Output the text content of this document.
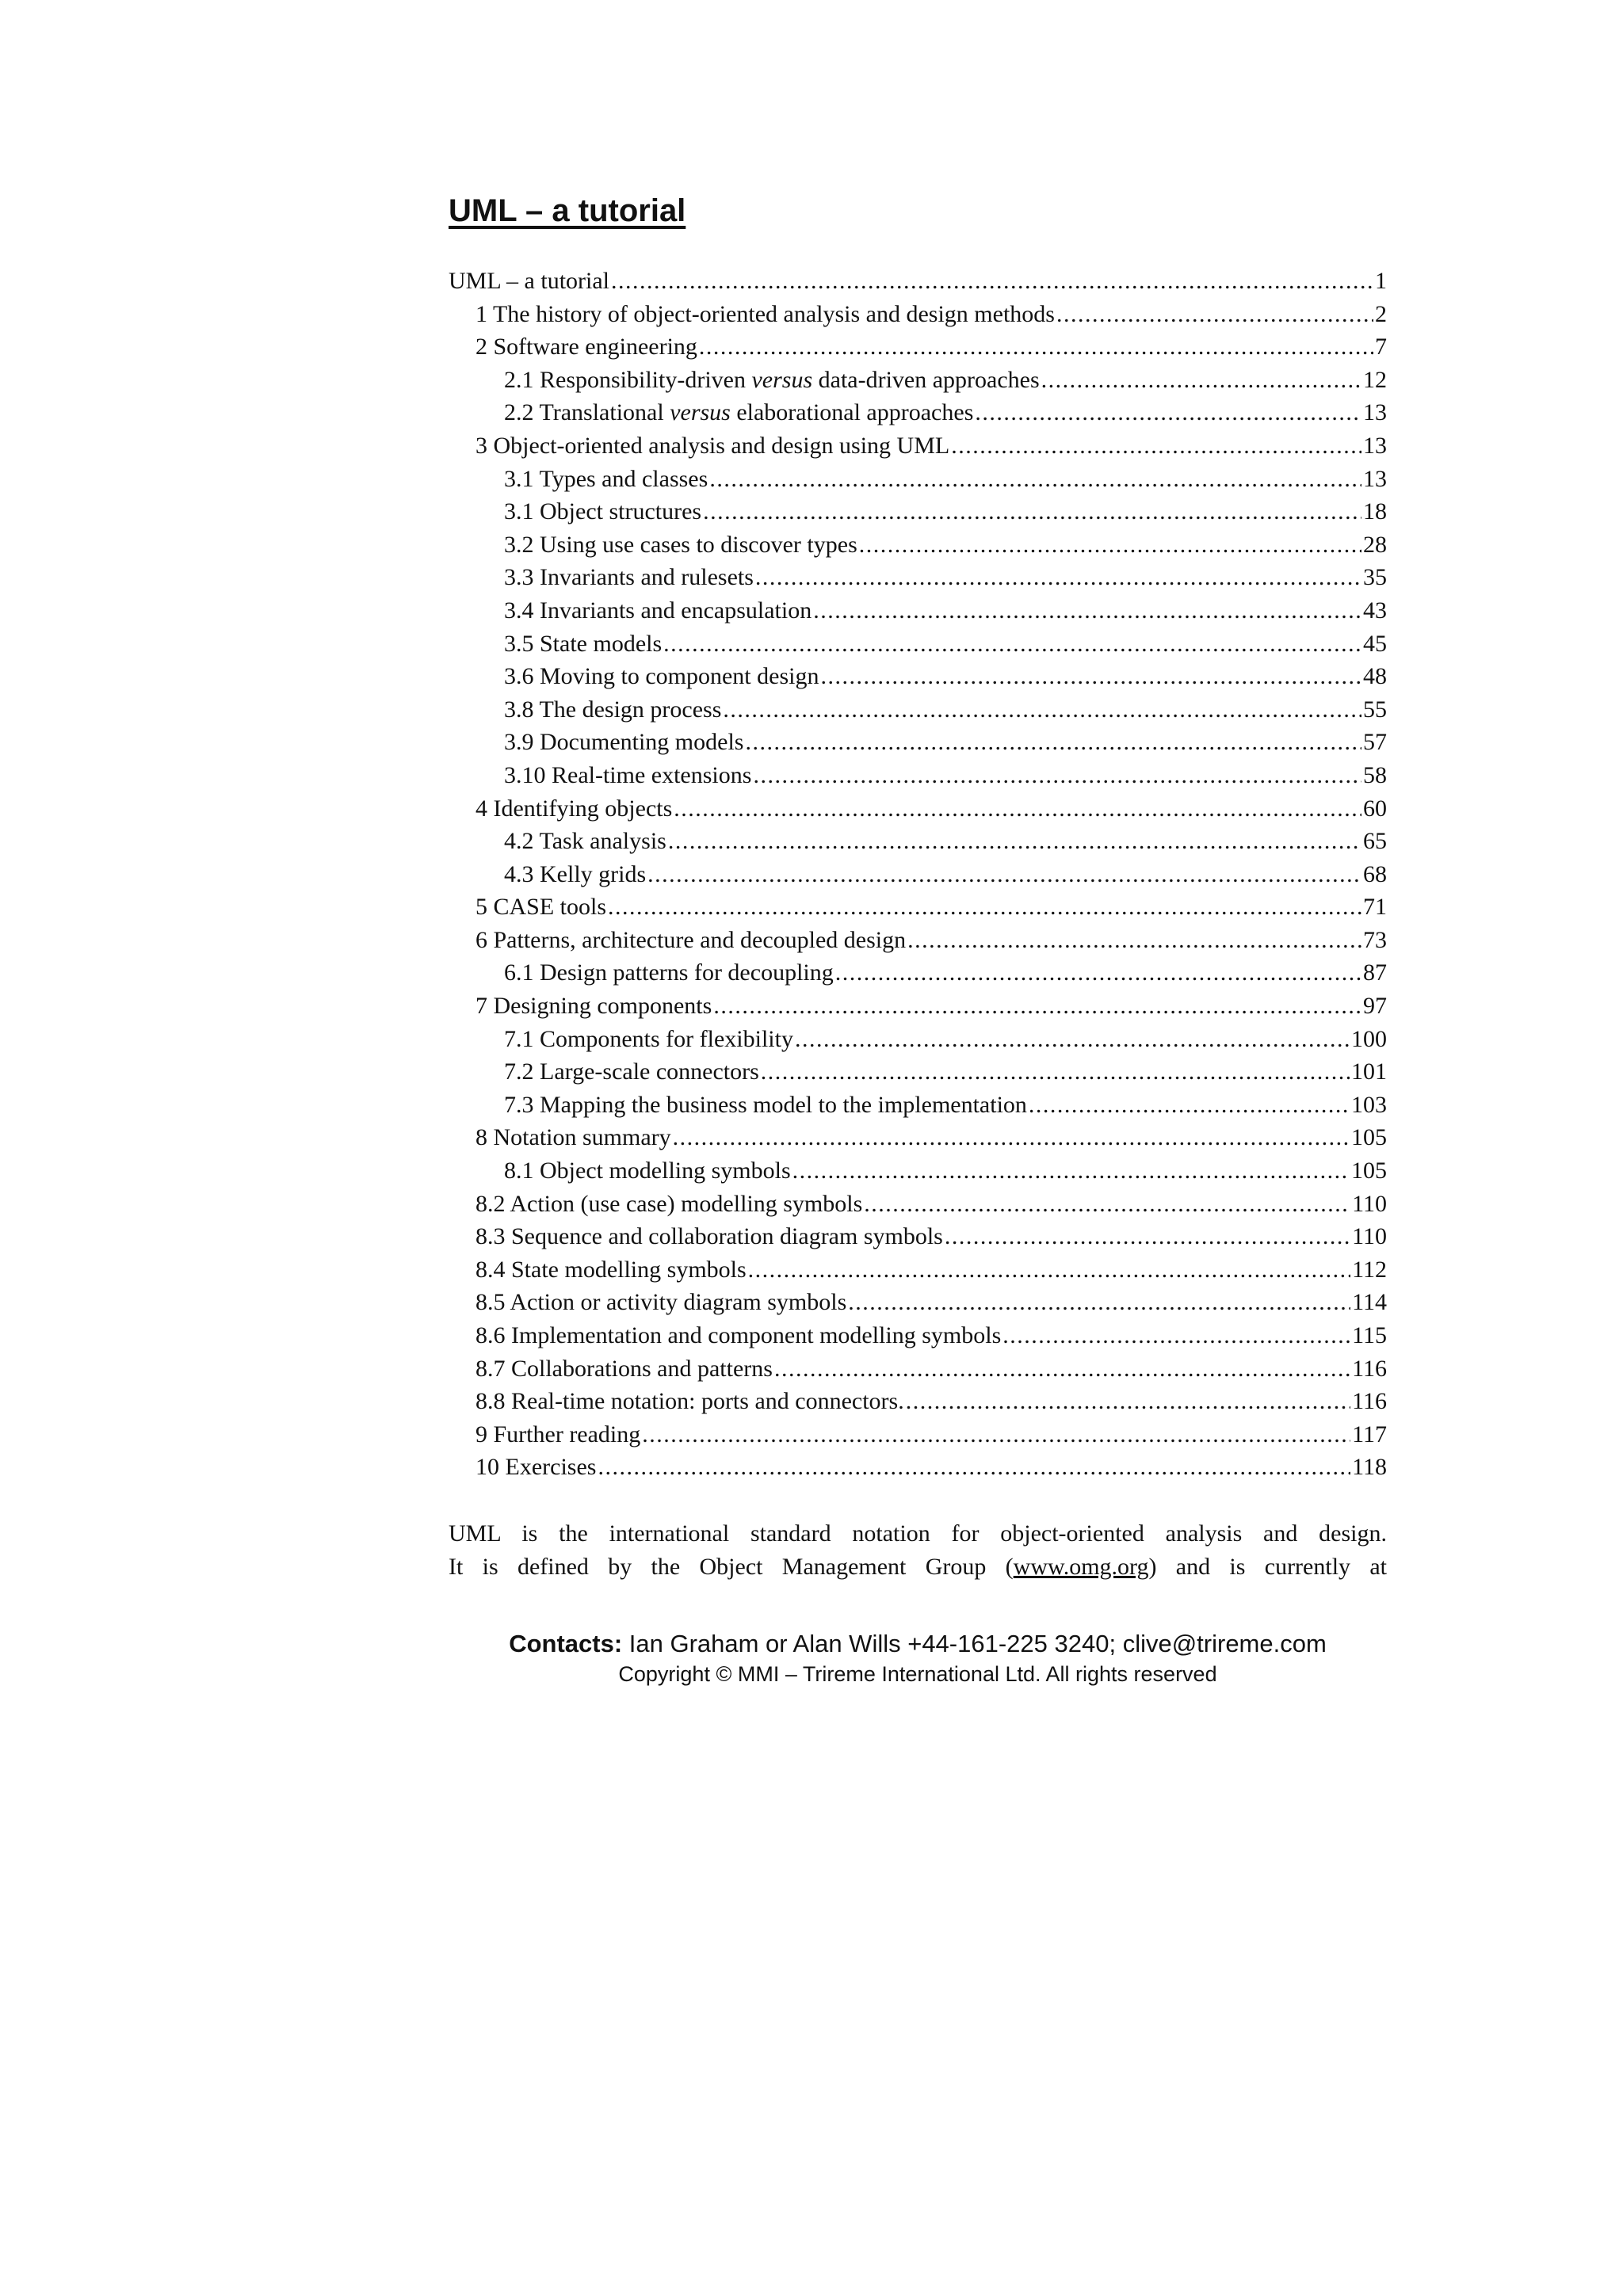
UML – a tutorial
UML – a tutorial .....	1
1 The history of object-oriented analysis and design methods .....	2
2 Software engineering .....	7
2.1 Responsibility-driven versus data-driven approaches .....	12
2.2 Translational versus elaborational approaches .....	13
3 Object-oriented analysis and design using UML .....	13
3.1 Types and classes .....	13
3.1 Object structures .....	18
3.2 Using use cases to discover types .....	28
3.3 Invariants and rulesets .....	35
3.4 Invariants and encapsulation .....	43
3.5 State models .....	45
3.6 Moving to component design .....	48
3.8 The design process .....	55
3.9 Documenting models .....	57
3.10 Real-time extensions .....	58
4 Identifying objects .....	60
4.2 Task analysis .....	65
4.3 Kelly grids .....	68
5 CASE tools .....	71
6 Patterns, architecture and decoupled design .....	73
6.1 Design patterns for decoupling .....	87
7 Designing components .....	97
7.1 Components for flexibility .....	100
7.2 Large-scale connectors .....	101
7.3 Mapping the business model to the implementation .....	103
8 Notation summary .....	105
8.1 Object modelling symbols .....	105
8.2 Action (use case) modelling symbols .....	110
8.3 Sequence and collaboration diagram symbols .....	110
8.4 State modelling symbols .....	112
8.5 Action or activity diagram symbols .....	114
8.6 Implementation and component modelling symbols .....	115
8.7 Collaborations and patterns .....	116
8.8 Real-time notation: ports and connectors. .....	116
9 Further reading .....	117
10 Exercises .....	118
UML is the international standard notation for object-oriented analysis and design.
It is defined by the Object Management Group (www.omg.org) and is currently at
Contacts: Ian Graham or Alan Wills +44-161-225 3240; clive@trireme.com
Copyright © MMI – Trireme International Ltd. All rights reserved
